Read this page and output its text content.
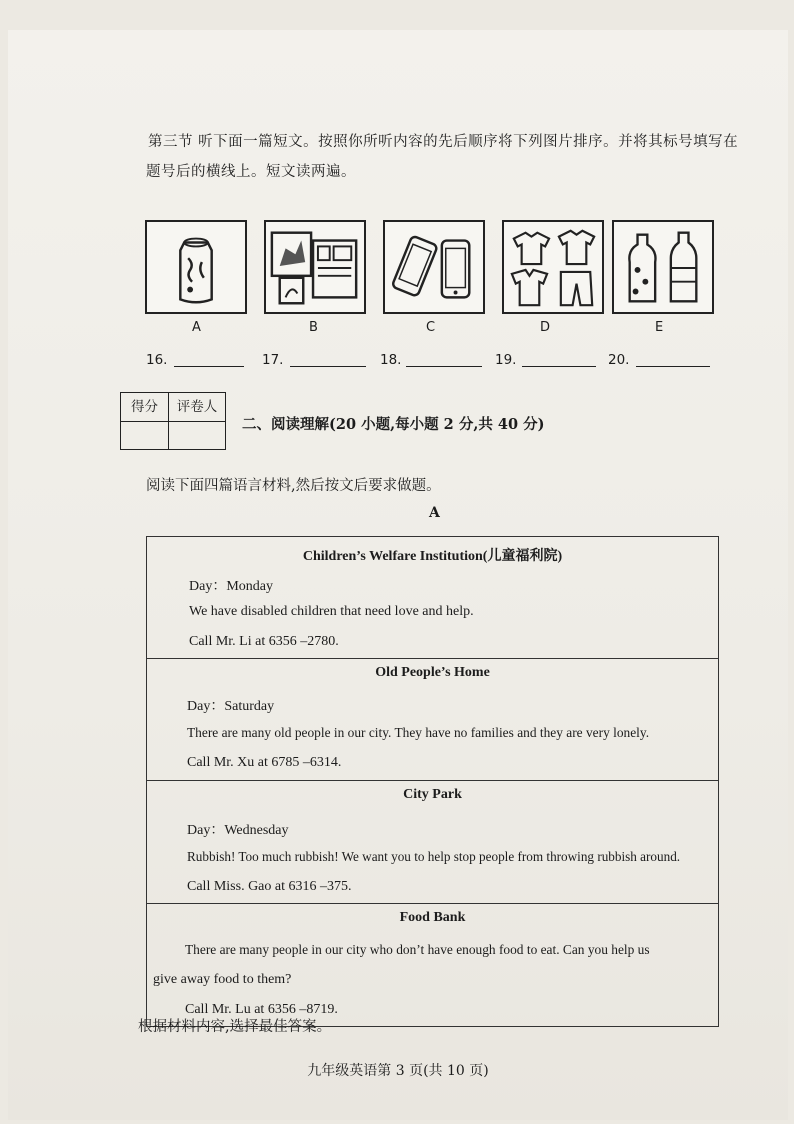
第三节 听下面一篇短文。按照你所听内容的先后顺序将下列图片排序。并将其标号填写在
题号后的横线上。短文读两遍。
A	B	C	D	E
16.	17.	18.	19.	20.
得分	评卷人
二、阅读理解(20 小题,每小题 2 分,共 40 分)
阅读下面四篇语言材料,然后按文后要求做题。
A
Children’s Welfare Institution(儿童福利院)
Day：Monday
We have disabled children that need love and help.
Call Mr. Li at 6356 –2780.
Old People’s Home
Day：Saturday
There are many old people in our city. They have no families and they are very lonely.
Call Mr. Xu at 6785 –6314.
City Park
Day：Wednesday
Rubbish! Too much rubbish! We want you to help stop people from throwing rubbish around.
Call Miss. Gao at 6316 –375.
Food Bank
There are many people in our city who don’t have enough food to eat. Can you help us
give away food to them?
Call Mr. Lu at 6356 –8719.
根据材料内容,选择最佳答案。
九年级英语第 3 页(共 10 页)
